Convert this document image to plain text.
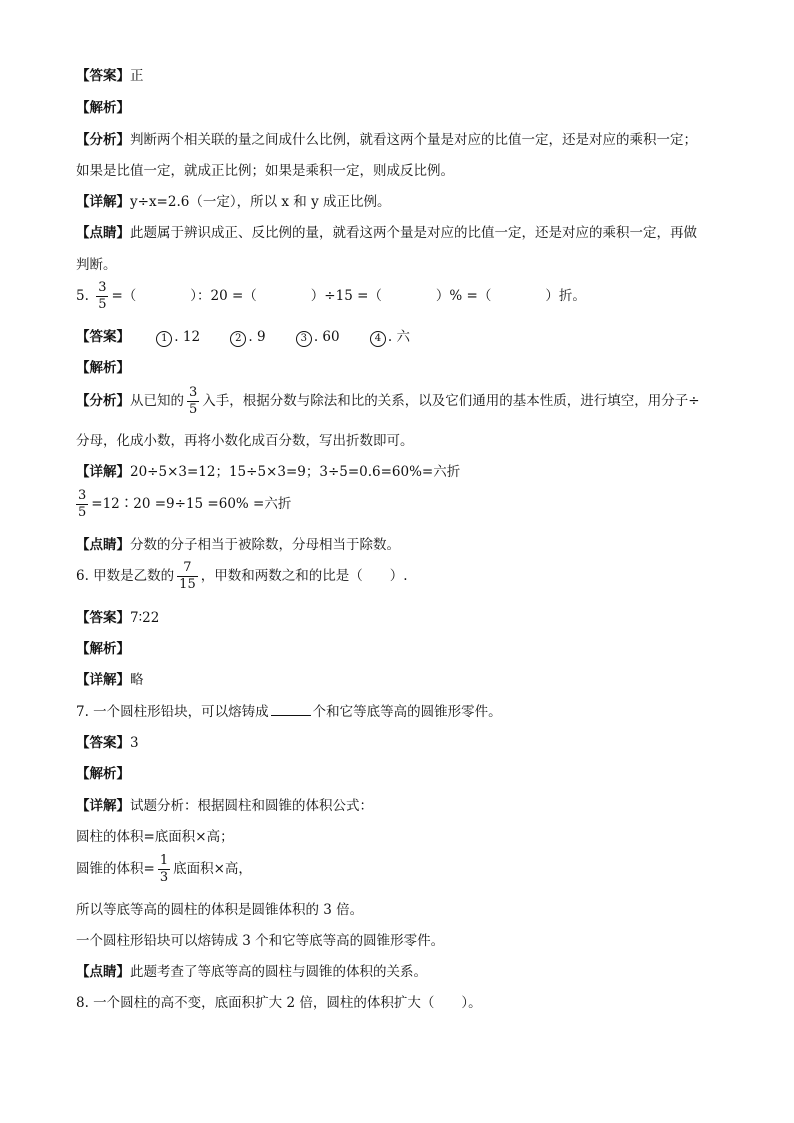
【答案】正
【解析】
【分析】判断两个相关联的量之间成什么比例，就看这两个量是对应的比值一定，还是对应的乘积一定；
如果是比值一定，就成正比例；如果是乘积一定，则成反比例。
【详解】y÷x=2.6（一定），所以 x 和 y 成正比例。
【点睛】此题属于辨识成正、反比例的量，就看这两个量是对应的比值一定，还是对应的乘积一定，再做
判断。
5. $\frac{3}{5}$ =（　　　　）：20 =（　　　　）÷15 =（　　　　）% =（　　　　）折。
【答案】	1 . 12	2 . 9	3 . 60	4 . 六
【解析】
【分析】从已知的 $\frac{3}{5}$ 入手，根据分数与除法和比的关系，以及它们通用的基本性质，进行填空，用分子÷
分母，化成小数，再将小数化成百分数，写出折数即可。
【详解】20÷5×3=12；15÷5×3=9；3÷5=0.6=60%=六折
$\frac{3}{5}$ =12∶20 =9÷15 =60% =六折
【点睛】分数的分子相当于被除数，分母相当于除数。
6. 甲数是乙数的 $\frac{7}{15}$ ，甲数和两数之和的比是（　　）.
【答案】7∶22
【解析】
【详解】略
7. 一个圆柱形铅块，可以熔铸成	个和它等底等高的圆锥形零件。
【答案】3
【解析】
【详解】试题分析：根据圆柱和圆锥的体积公式：
圆柱的体积=底面积×高；
圆锥的体积= $\frac{1}{3}$ 底面积×高，
所以等底等高的圆柱的体积是圆锥体积的 3 倍。
一个圆柱形铅块可以熔铸成 3 个和它等底等高的圆锥形零件。
【点睛】此题考查了等底等高的圆柱与圆锥的体积的关系。
8. 一个圆柱的高不变，底面积扩大 2 倍，圆柱的体积扩大（　　）。
